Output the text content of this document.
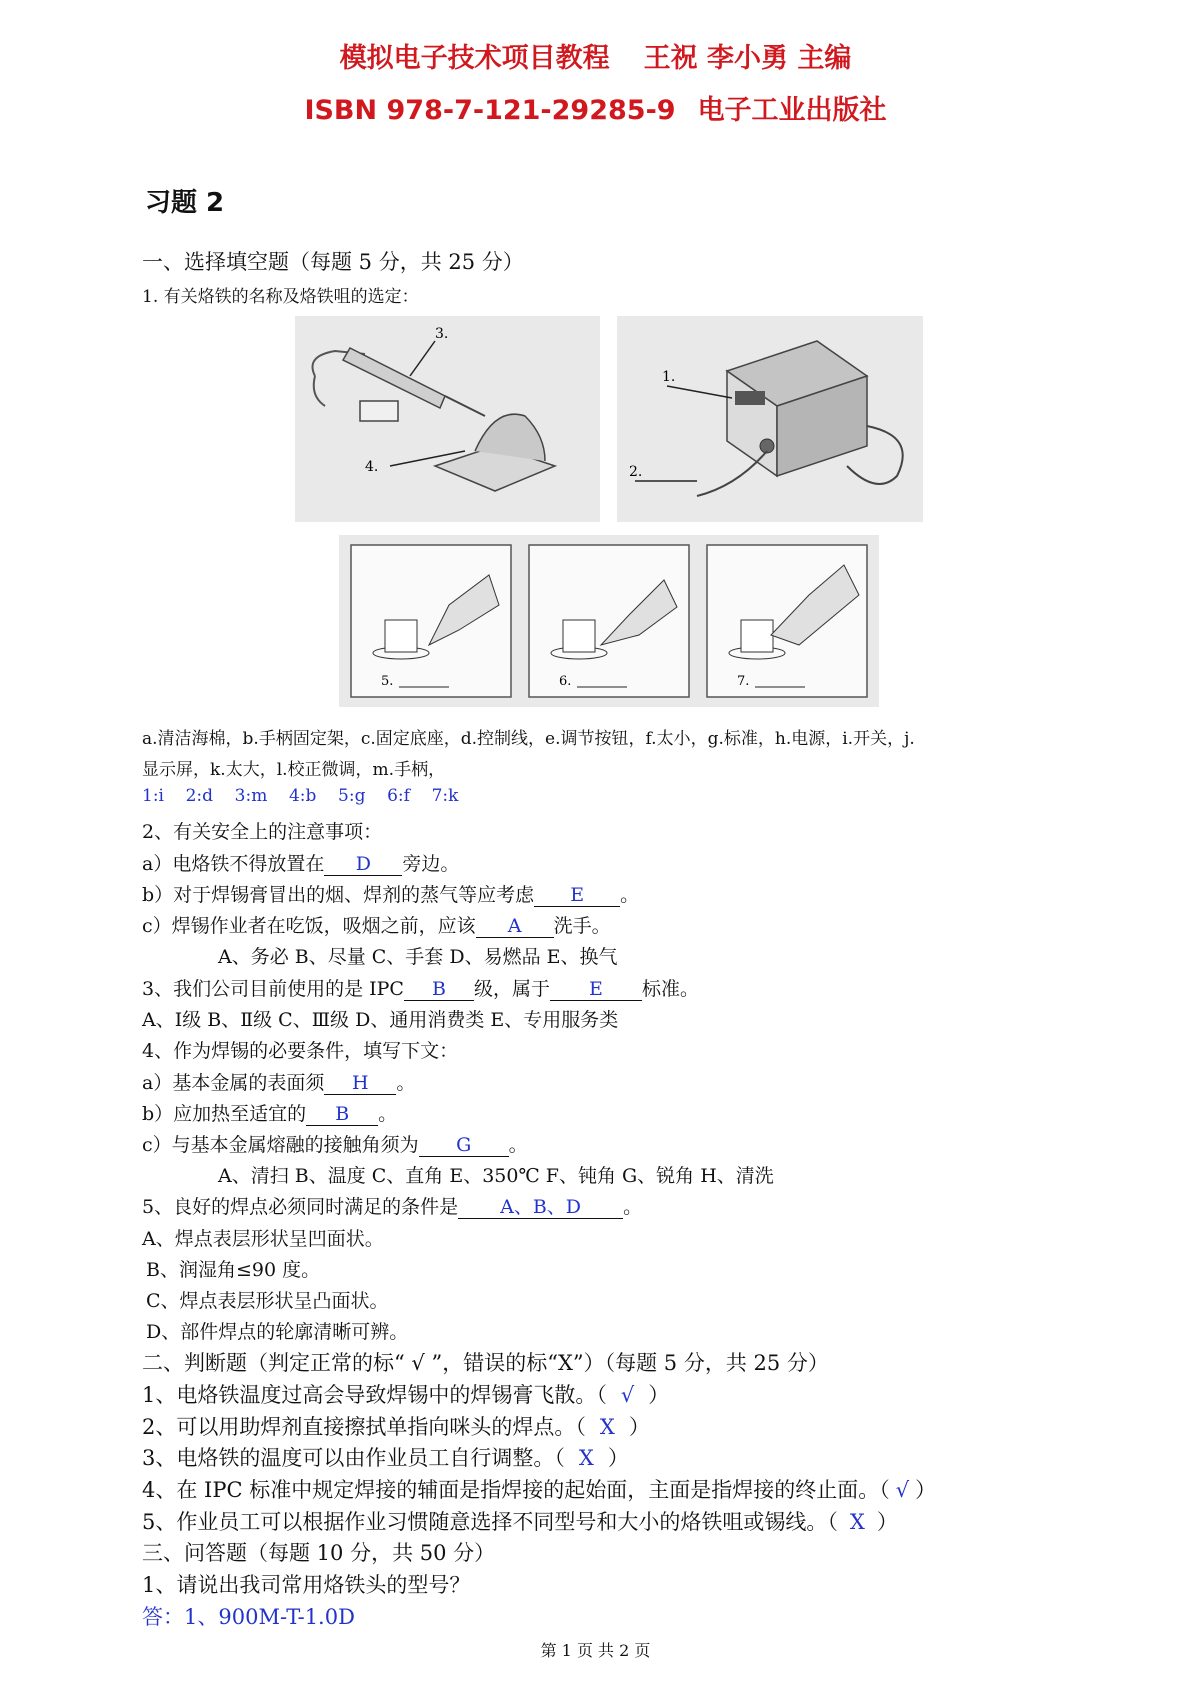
模拟电子技术项目教程 王祝 李小勇 主编
ISBN 978-7-121-29285-9 电子工业出版社
习题 2
一、选择填空题（每题 5 分，共 25 分）
1. 有关烙铁的名称及烙铁咀的选定：
3.
4.
1.
2.
5.	6.	7.
a.清洁海棉，b.手柄固定架，c.固定底座，d.控制线，e.调节按钮，f.太小，g.标准，h.电源，i.开关，j.
显示屏，k.太大，l.校正微调，m.手柄，
1:i 2:d 3:m 4:b 5:g 6:f 7:k
2、有关安全上的注意事项：
a）电烙铁不得放置在 D 旁边。
b）对于焊锡膏冒出的烟、焊剂的蒸气等应考虑 E 。
c）焊锡作业者在吃饭，吸烟之前，应该 A 洗手。
A、务必 B、尽量 C、手套 D、易燃品 E、换气
3、我们公司目前使用的是 IPC B 级，属于 E 标准。
A、Ⅰ级 B、Ⅱ级 C、Ⅲ级 D、通用消费类 E、专用服务类
4、作为焊锡的必要条件，填写下文：
a）基本金属的表面须 H 。
b）应加热至适宜的 B 。
c）与基本金属熔融的接触角须为 G 。
A、清扫 B、温度 C、直角 E、350℃ F、钝角 G、锐角 H、清洗
5、良好的焊点必须同时满足的条件是 A、B、D 。
A、焊点表层形状呈凹面状。
B、润湿角≤90 度。
C、焊点表层形状呈凸面状。
D、部件焊点的轮廓清晰可辨。
二、判断题（判定正常的标“ √ ”，错误的标“X”）（每题 5 分，共 25 分）
1、电烙铁温度过高会导致焊锡中的焊锡膏飞散。（ √ ）
2、可以用助焊剂直接擦拭单指向咪头的焊点。（ X ）
3、电烙铁的温度可以由作业员工自行调整。（ X ）
4、在 IPC 标准中规定焊接的辅面是指焊接的起始面，主面是指焊接的终止面。（ √ ）
5、作业员工可以根据作业习惯随意选择不同型号和大小的烙铁咀或锡线。（ X ）
三、问答题（每题 10 分，共 50 分）
1、请说出我司常用烙铁头的型号？
答：1、900M-T-1.0D
第 1 页 共 2 页
